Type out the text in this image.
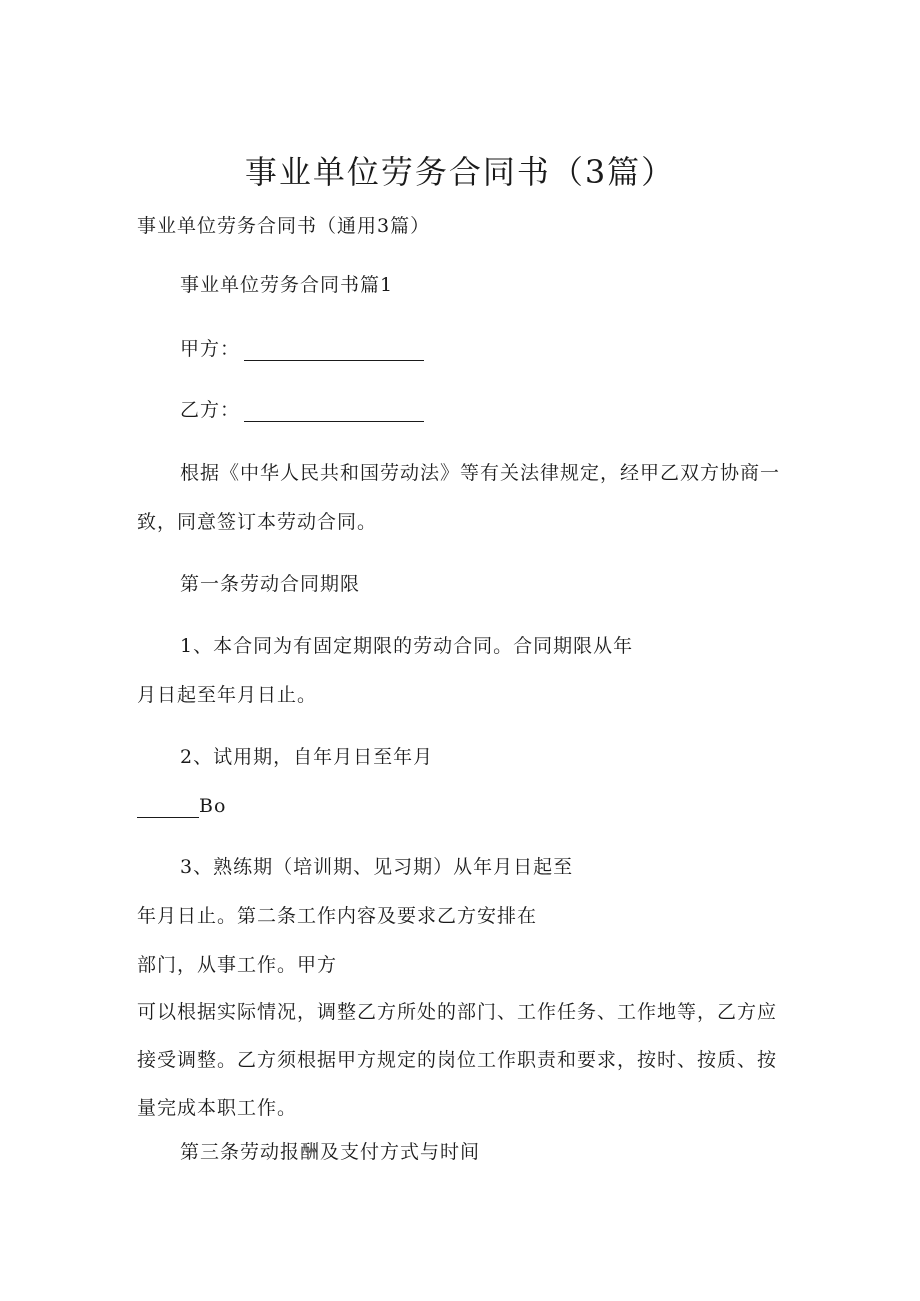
事业单位劳务合同书（3篇）
事业单位劳务合同书（通用3篇）
事业单位劳务合同书篇1
甲方：
乙方：
根据《中华人民共和国劳动法》等有关法律规定，经甲乙双方协商一
致，同意签订本劳动合同。
第一条劳动合同期限
1、本合同为有固定期限的劳动合同。合同期限从年
月日起至年月日止。
2、试用期，自年月日至年月
Bo
3、熟练期（培训期、见习期）从年月日起至
年月日止。第二条工作内容及要求乙方安排在
部门，从事工作。甲方
可以根据实际情况，调整乙方所处的部门、工作任务、工作地等，乙方应
接受调整。乙方须根据甲方规定的岗位工作职责和要求，按时、按质、按
量完成本职工作。
第三条劳动报酬及支付方式与时间
